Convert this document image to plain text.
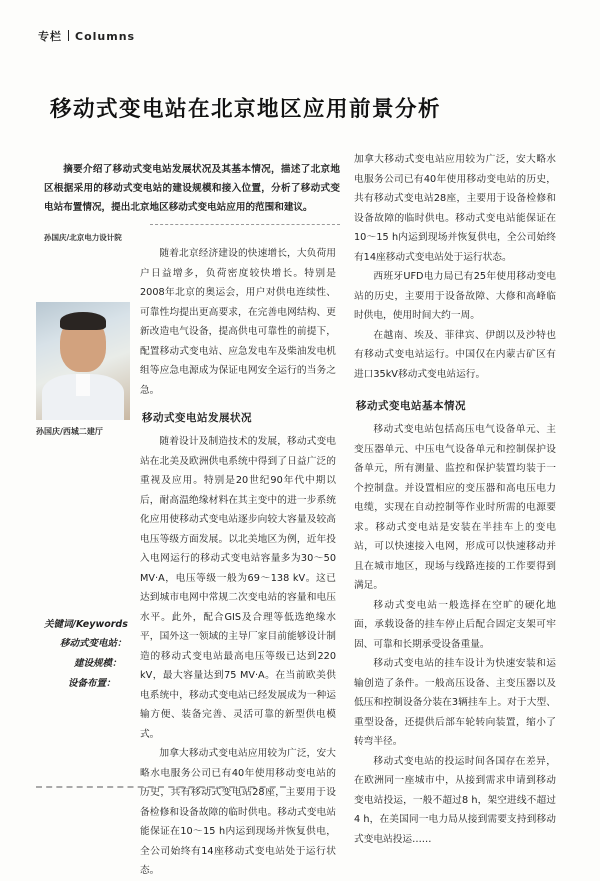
专栏 Columns
移动式变电站在北京地区应用前景分析

摘要介绍了移动式变电站发展状况及其基本情况，描述了北京地区根据采用的移动式变电站的建设规模和接入位置，分析了移动式变电站布置情况，提出北京地区移动式变电站应用的范围和建议。

孙国庆/北京电力设计院
孙国庆/西城二建厅
关键词/Keywords
移动式变电站：
建设规模：
设备布置：

随着北京经济建设的快速增长，大负荷用户日益增多，负荷密度较快增长。特别是2008年北京的奥运会，用户对供电连续性、可靠性均提出更高要求，在完善电网结构、更新改造电气设备，提高供电可靠性的前提下，配置移动式变电站、应急发电车及柴油发电机组等应急电源成为保证电网安全运行的当务之急。

移动式变电站发展状况

随着设计及制造技术的发展，移动式变电站在北美及欧洲供电系统中得到了日益广泛的重视及应用。特别是20世纪90年代中期以后，耐高温绝缘材料在其主变中的进一步系统化应用使移动式变电站逐步向较大容量及较高电压等级方面发展。以北美地区为例，近年投入电网运行的移动式变电站容量多为30～50 MV·A，电压等级一般为69～138 kV。这已达到城市电网中常规二次变电站的容量和电压水平。此外，配合GIS及合理等低选绝缘水平，国外这一领域的主导厂家目前能够设计制造的移动式变电站最高电压等级已达到220 kV，最大容量达到75 MV·A。在当前欧美供电系统中，移动式变电站已经发展成为一种运输方便、装备完善、灵活可靠的新型供电模式。

加拿大移动式变电站应用较为广泛，安大略水电服务公司已有40年使用移动变电站的历史，共有移动式变电站28座，主要用于设备检修和设备故障的临时供电。移动式变电站能保证在10～15 h内运到现场并恢复供电，全公司始终有14座移动式变电站处于运行状态。

加拿大移动式变电站应用较为广泛，安大略水电服务公司已有40年使用移动变电站的历史，共有移动式变电站28座，主要用于设备检修和设备故障的临时供电。移动式变电站能保证在10～15 h内运到现场并恢复供电，全公司始终有14座移动式变电站处于运行状态。

西班牙UFD电力局已有25年使用移动变电站的历史，主要用于设备故障、大修和高峰临时供电，使用时间大约一周。

在越南、埃及、菲律宾、伊朗以及沙特也有移动式变电站运行。中国仅在内蒙古矿区有进口35kV移动式变电站运行。

移动式变电站基本情况

移动式变电站包括高压电气设备单元、主变压器单元、中压电气设备单元和控制保护设备单元，所有测量、监控和保护装置均装于一个控制盘。并设置相应的变压器和高电压电力电缆，实现在自动控制等作业时所需的电源要求。移动式变电站是安装在半挂车上的变电站，可以快速接入电网，形成可以快速移动并且在城市地区，现场与线路连接的工作要得到满足。

移动式变电站一般选择在空旷的硬化地面，承载设备的挂车停止后配合固定支架可牢固、可靠和长期承受设备重量。

移动式变电站的挂车设计为快速安装和运输创造了条件。一般高压设备、主变压器以及低压和控制设备分装在3辆挂车上。对于大型、重型设备，还提供后部车轮转向装置，缩小了转弯半径。

移动式变电站的投运时间各国存在差异，在欧洲同一座城市中，从接到需求申请到移动变电站投运，一般不超过8 h，架空进线不超过4 h，在美国同一电力局从接到需要支持到移动式变电站投运……
